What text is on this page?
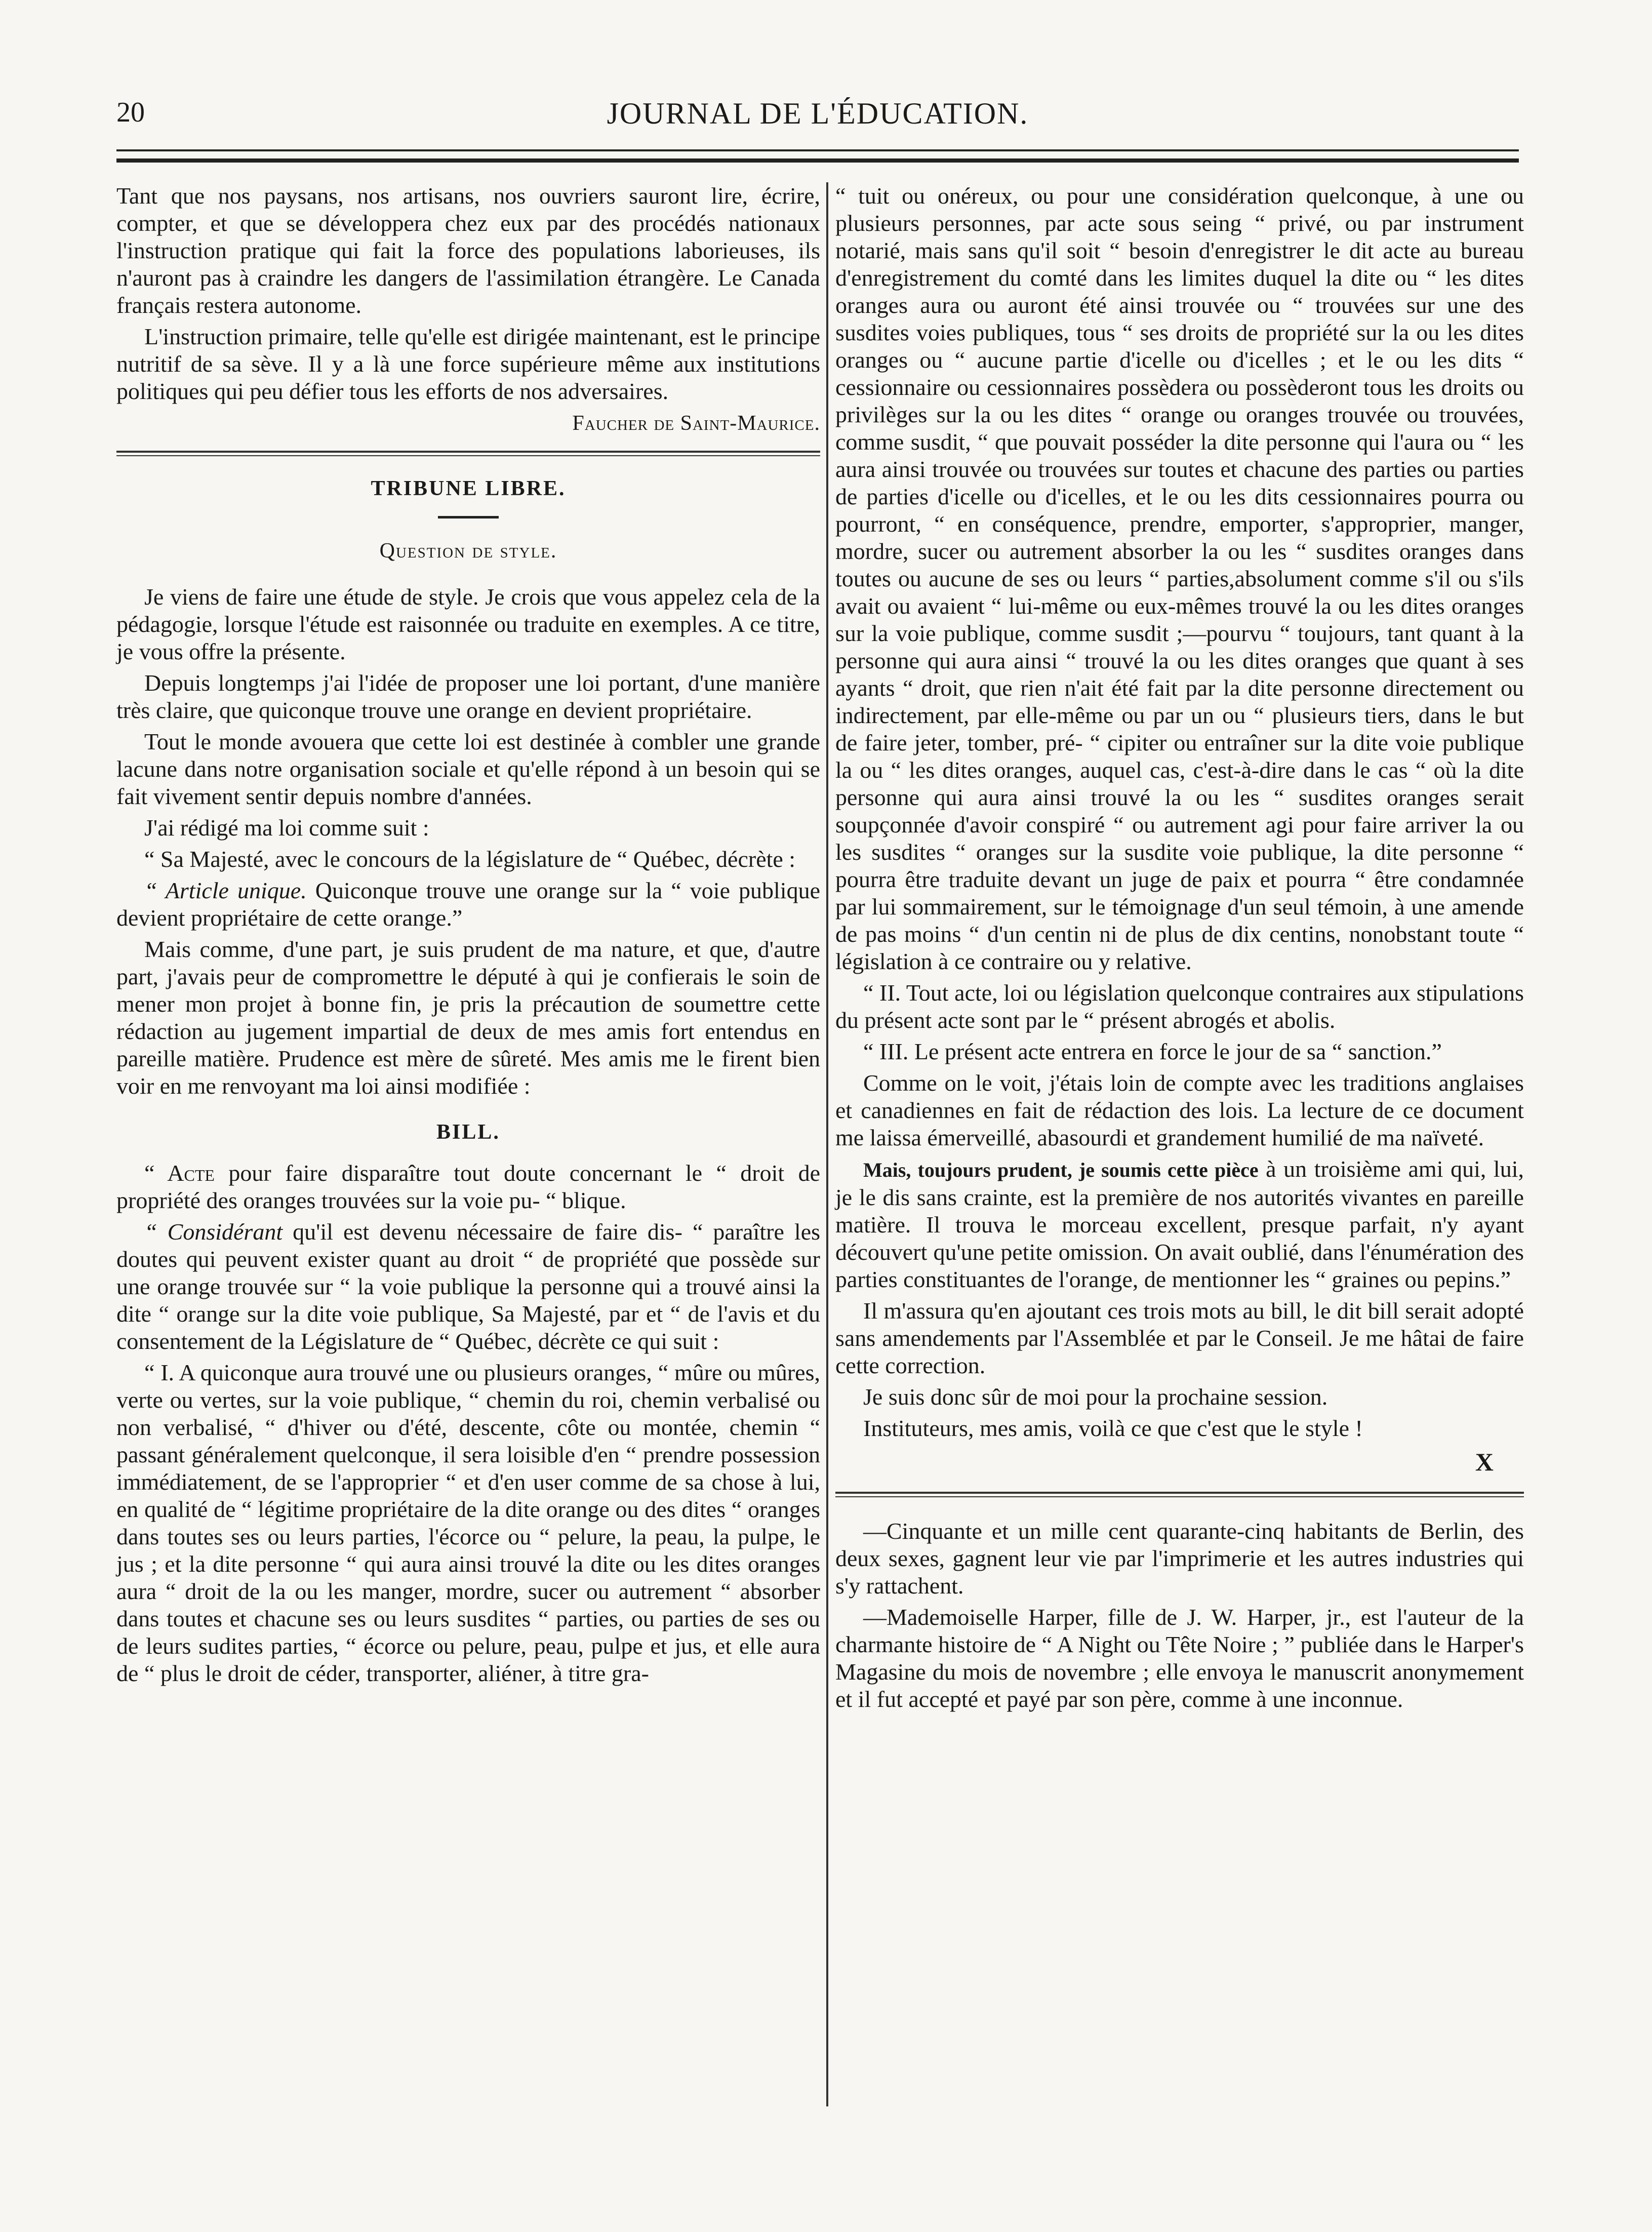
20	JOURNAL DE L'ÉDUCATION.

Tant que nos paysans, nos artisans, nos ouvriers sauront lire, écrire, compter, et que se développera chez eux par des procédés nationaux l'instruction pratique qui fait la force des populations laborieuses, ils n'auront pas à craindre les dangers de l'assimilation étrangère. Le Canada français restera autonome.

L'instruction primaire, telle qu'elle est dirigée maintenant, est le principe nutritif de sa sève. Il y a là une force supérieure même aux institutions politiques qui peu défier tous les efforts de nos adversaires.

Faucher de Saint-Maurice.
TRIBUNE LIBRE.
Question de style.

Je viens de faire une étude de style. Je crois que vous appelez cela de la pédagogie, lorsque l'étude est raisonnée ou traduite en exemples. A ce titre, je vous offre la présente.

Depuis longtemps j'ai l'idée de proposer une loi portant, d'une manière très claire, que quiconque trouve une orange en devient propriétaire.

Tout le monde avouera que cette loi est destinée à combler une grande lacune dans notre organisation sociale et qu'elle répond à un besoin qui se fait vivement sentir depuis nombre d'années.

J'ai rédigé ma loi comme suit :

“ Sa Majesté, avec le concours de la législature de “ Québec, décrète :

“ Article unique. Quiconque trouve une orange sur la “ voie publique devient propriétaire de cette orange.”

Mais comme, d'une part, je suis prudent de ma nature, et que, d'autre part, j'avais peur de compromettre le député à qui je confierais le soin de mener mon projet à bonne fin, je pris la précaution de soumettre cette rédaction au jugement impartial de deux de mes amis fort entendus en pareille matière. Prudence est mère de sûreté. Mes amis me le firent bien voir en me renvoyant ma loi ainsi modifiée :

BILL.

“ Acte pour faire disparaître tout doute concernant le “ droit de propriété des oranges trouvées sur la voie pu- “ blique.

“ Considérant qu'il est devenu nécessaire de faire dis- “ paraître les doutes qui peuvent exister quant au droit “ de propriété que possède sur une orange trouvée sur “ la voie publique la personne qui a trouvé ainsi la dite “ orange sur la dite voie publique, Sa Majesté, par et “ de l'avis et du consentement de la Législature de “ Québec, décrète ce qui suit :

“ I. A quiconque aura trouvé une ou plusieurs oranges, “ mûre ou mûres, verte ou vertes, sur la voie publique, “ chemin du roi, chemin verbalisé ou non verbalisé, “ d'hiver ou d'été, descente, côte ou montée, chemin “ passant généralement quelconque, il sera loisible d'en “ prendre possession immédiatement, de se l'approprier “ et d'en user comme de sa chose à lui, en qualité de “ légitime propriétaire de la dite orange ou des dites “ oranges dans toutes ses ou leurs parties, l'écorce ou “ pelure, la peau, la pulpe, le jus ; et la dite personne “ qui aura ainsi trouvé la dite ou les dites oranges aura “ droit de la ou les manger, mordre, sucer ou autrement “ absorber dans toutes et chacune ses ou leurs susdites “ parties, ou parties de ses ou de leurs sudites parties, “ écorce ou pelure, peau, pulpe et jus, et elle aura de “ plus le droit de céder, transporter, aliéner, à titre gra-

“ tuit ou onéreux, ou pour une considération quelconque, à une ou plusieurs personnes, par acte sous seing “ privé, ou par instrument notarié, mais sans qu'il soit “ besoin d'enregistrer le dit acte au bureau d'enregistrement du comté dans les limites duquel la dite ou “ les dites oranges aura ou auront été ainsi trouvée ou “ trouvées sur une des susdites voies publiques, tous “ ses droits de propriété sur la ou les dites oranges ou “ aucune partie d'icelle ou d'icelles ; et le ou les dits “ cessionnaire ou cessionnaires possèdera ou possèderont tous les droits ou privilèges sur la ou les dites “ orange ou oranges trouvée ou trouvées, comme susdit, “ que pouvait posséder la dite personne qui l'aura ou “ les aura ainsi trouvée ou trouvées sur toutes et chacune des parties ou parties de parties d'icelle ou d'icelles, et le ou les dits cessionnaires pourra ou pourront, “ en conséquence, prendre, emporter, s'approprier, manger, mordre, sucer ou autrement absorber la ou les “ susdites oranges dans toutes ou aucune de ses ou leurs “ parties,absolument comme s'il ou s'ils avait ou avaient “ lui-même ou eux-mêmes trouvé la ou les dites oranges sur la voie publique, comme susdit ;—pourvu “ toujours, tant quant à la personne qui aura ainsi “ trouvé la ou les dites oranges que quant à ses ayants “ droit, que rien n'ait été fait par la dite personne directement ou indirectement, par elle-même ou par un ou “ plusieurs tiers, dans le but de faire jeter, tomber, pré- “ cipiter ou entraîner sur la dite voie publique la ou “ les dites oranges, auquel cas, c'est-à-dire dans le cas “ où la dite personne qui aura ainsi trouvé la ou les “ susdites oranges serait soupçonnée d'avoir conspiré “ ou autrement agi pour faire arriver la ou les susdites “ oranges sur la susdite voie publique, la dite personne “ pourra être traduite devant un juge de paix et pourra “ être condamnée par lui sommairement, sur le témoignage d'un seul témoin, à une amende de pas moins “ d'un centin ni de plus de dix centins, nonobstant toute “ législation à ce contraire ou y relative.

“ II. Tout acte, loi ou législation quelconque contraires aux stipulations du présent acte sont par le “ présent abrogés et abolis.

“ III. Le présent acte entrera en force le jour de sa “ sanction.”

Comme on le voit, j'étais loin de compte avec les traditions anglaises et canadiennes en fait de rédaction des lois. La lecture de ce document me laissa émerveillé, abasourdi et grandement humilié de ma naïveté.

Mais, toujours prudent, je soumis cette pièce à un troisième ami qui, lui, je le dis sans crainte, est la première de nos autorités vivantes en pareille matière. Il trouva le morceau excellent, presque parfait, n'y ayant découvert qu'une petite omission. On avait oublié, dans l'énumération des parties constituantes de l'orange, de mentionner les “ graines ou pepins.”

Il m'assura qu'en ajoutant ces trois mots au bill, le dit bill serait adopté sans amendements par l'Assemblée et par le Conseil. Je me hâtai de faire cette correction.

Je suis donc sûr de moi pour la prochaine session.

Instituteurs, mes amis, voilà ce que c'est que le style !

X

—Cinquante et un mille cent quarante-cinq habitants de Berlin, des deux sexes, gagnent leur vie par l'imprimerie et les autres industries qui s'y rattachent.

—Mademoiselle Harper, fille de J. W. Harper, jr., est l'auteur de la charmante histoire de “ A Night ou Tête Noire ; ” publiée dans le Harper's Magasine du mois de novembre ; elle envoya le manuscrit anonymement et il fut accepté et payé par son père, comme à une inconnue.
